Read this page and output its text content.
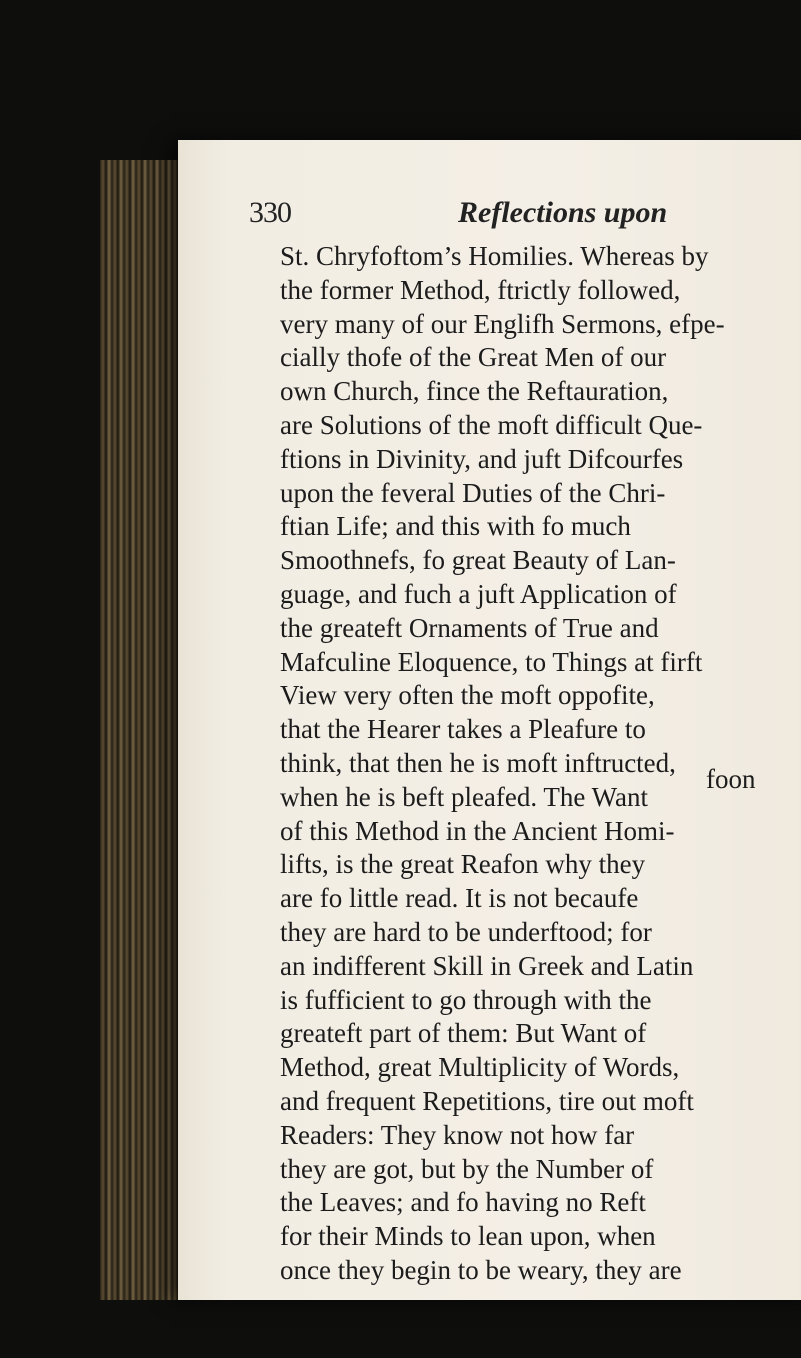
330	Reflections upon
St. Chryfoftom’s Homilies. Whereas by
the former Method, ftrictly followed,
very many of our Englifh Sermons, efpe-
cially thofe of the Great Men of our
own Church, fince the Reftauration,
are Solutions of the moft difficult Que-
ftions in Divinity, and juft Difcourfes
upon the feveral Duties of the Chri-
ftian Life; and this with fo much
Smoothnefs, fo great Beauty of Lan-
guage, and fuch a juft Application of
the greateft Ornaments of True and
Mafculine Eloquence, to Things at firft
View very often the moft oppofite,
that the Hearer takes a Pleafure to
think, that then he is moft inftructed,
when he is beft pleafed. The Want
of this Method in the Ancient Homi-
lifts, is the great Reafon why they
are fo little read. It is not becaufe
they are hard to be underftood; for
an indifferent Skill in Greek and Latin
is fufficient to go through with the
greateft part of them: But Want of
Method, great Multiplicity of Words,
and frequent Repetitions, tire out moft
Readers: They know not how far
they are got, but by the Number of
the Leaves; and fo having no Reft
for their Minds to lean upon, when
once they begin to be weary, they are
foon
